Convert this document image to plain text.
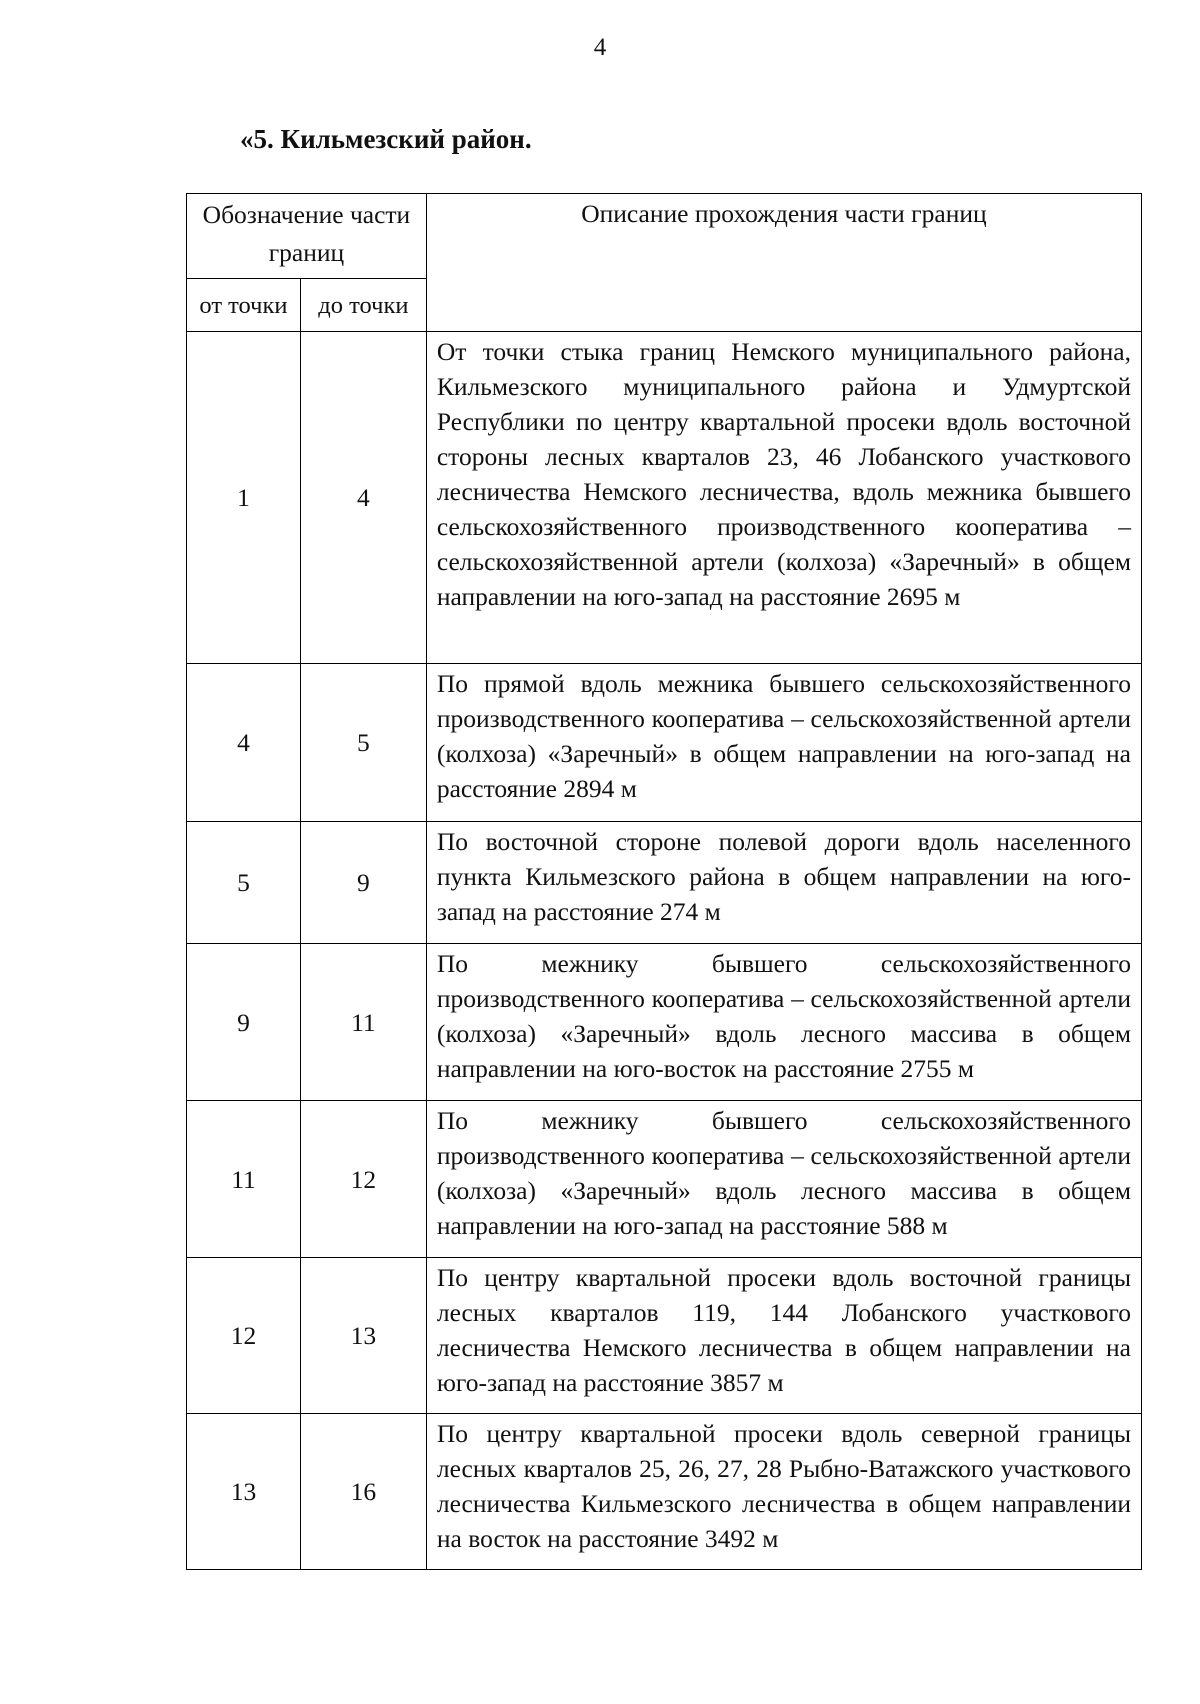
4
«5. Кильмезский район.
Обозначение части границ		Описание прохождения части границ
от точки	до точки	
1	4	От точки стыка границ Немского муниципального района, Кильмезского муниципального района и Удмуртской Республики по центру квартальной просеки вдоль восточной стороны лесных кварталов 23, 46 Лобанского участкового лесничества Немского лесничества, вдоль межника бывшего сельскохозяйственного производственного кооператива – сельскохозяйственной артели (колхоза) «Заречный» в общем направлении на юго-запад на расстояние 2695 м
4	5	По прямой вдоль межника бывшего сельскохозяйственного производственного кооператива – сельскохозяйственной артели (колхоза) «Заречный» в общем направлении на юго-запад на расстояние 2894 м
5	9	По восточной стороне полевой дороги вдоль населенного пункта Кильмезского района в общем направлении на юго-запад на расстояние 274 м
9	11	По межнику бывшего сельскохозяйственного производственного кооператива – сельскохозяйственной артели (колхоза) «Заречный» вдоль лесного массива в общем направлении на юго-восток на расстояние 2755 м
11	12	По межнику бывшего сельскохозяйственного производственного кооператива – сельскохозяйственной артели (колхоза) «Заречный» вдоль лесного массива в общем направлении на юго-запад на расстояние 588 м
12	13	По центру квартальной просеки вдоль восточной границы лесных кварталов 119, 144 Лобанского участкового лесничества Немского лесничества в общем направлении на юго-запад на расстояние 3857 м
13	16	По центру квартальной просеки вдоль северной границы лесных кварталов 25, 26, 27, 28 Рыбно-Ватажского участкового лесничества Кильмезского лесничества в общем направлении на восток на расстояние 3492 м
